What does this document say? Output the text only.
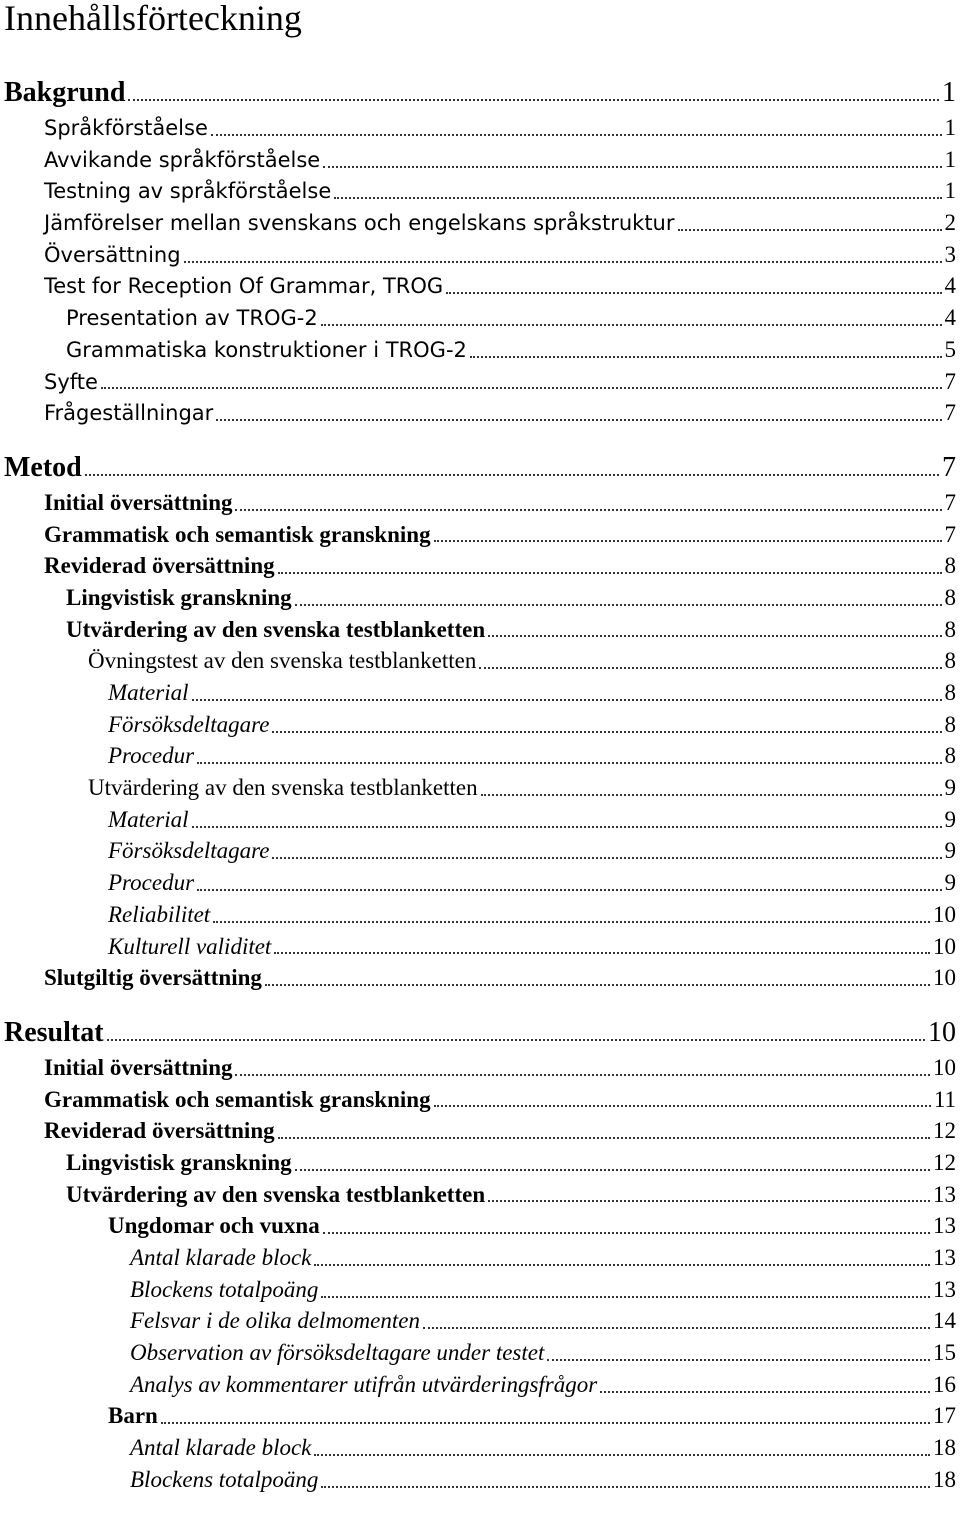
Innehållsförteckning
Bakgrund	1
Språkförståelse	1
Avvikande språkförståelse	1
Testning av språkförståelse	1
Jämförelser mellan svenskans och engelskans språkstruktur	2
Översättning	3
Test for Reception Of Grammar, TROG	4
Presentation av TROG-2	4
Grammatiska konstruktioner i TROG-2	5
Syfte	7
Frågeställningar	7
Metod	7
Initial översättning	7
Grammatisk och semantisk granskning	7
Reviderad översättning	8
Lingvistisk granskning	8
Utvärdering av den svenska testblanketten	8
Övningstest av den svenska testblanketten	8
Material	8
Försöksdeltagare	8
Procedur	8
Utvärdering av den svenska testblanketten	9
Material	9
Försöksdeltagare	9
Procedur	9
Reliabilitet	10
Kulturell validitet	10
Slutgiltig översättning	10
Resultat	10
Initial översättning	10
Grammatisk och semantisk granskning	11
Reviderad översättning	12
Lingvistisk granskning	12
Utvärdering av den svenska testblanketten	13
Ungdomar och vuxna	13
Antal klarade block	13
Blockens totalpoäng	13
Felsvar i de olika delmomenten	14
Observation av försöksdeltagare under testet	15
Analys av kommentarer utifrån utvärderingsfrågor	16
Barn	17
Antal klarade block	18
Blockens totalpoäng	18
